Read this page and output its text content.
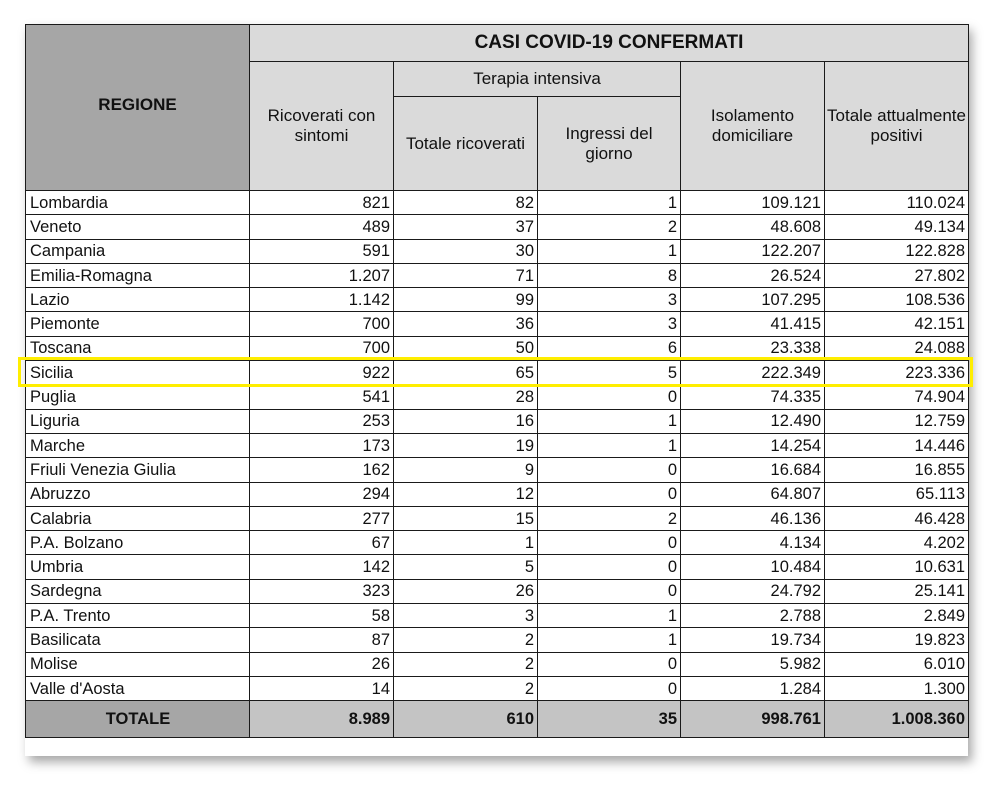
REGIONE	CASI COVID-19 CONFERMATI				
	Ricoverati con sintomi	Terapia intensiva		Isolamento domiciliare	Totale attualmente positivi
		Totale ricoverati	Ingressi del giorno		
Lombardia	821	82	1	109.121	110.024
Veneto	489	37	2	48.608	49.134
Campania	591	30	1	122.207	122.828
Emilia-Romagna	1.207	71	8	26.524	27.802
Lazio	1.142	99	3	107.295	108.536
Piemonte	700	36	3	41.415	42.151
Toscana	700	50	6	23.338	24.088
Sicilia	922	65	5	222.349	223.336
Puglia	541	28	0	74.335	74.904
Liguria	253	16	1	12.490	12.759
Marche	173	19	1	14.254	14.446
Friuli Venezia Giulia	162	9	0	16.684	16.855
Abruzzo	294	12	0	64.807	65.113
Calabria	277	15	2	46.136	46.428
P.A. Bolzano	67	1	0	4.134	4.202
Umbria	142	5	0	10.484	10.631
Sardegna	323	26	0	24.792	25.141
P.A. Trento	58	3	1	2.788	2.849
Basilicata	87	2	1	19.734	19.823
Molise	26	2	0	5.982	6.010
Valle d'Aosta	14	2	0	1.284	1.300
TOTALE	8.989	610	35	998.761	1.008.360
